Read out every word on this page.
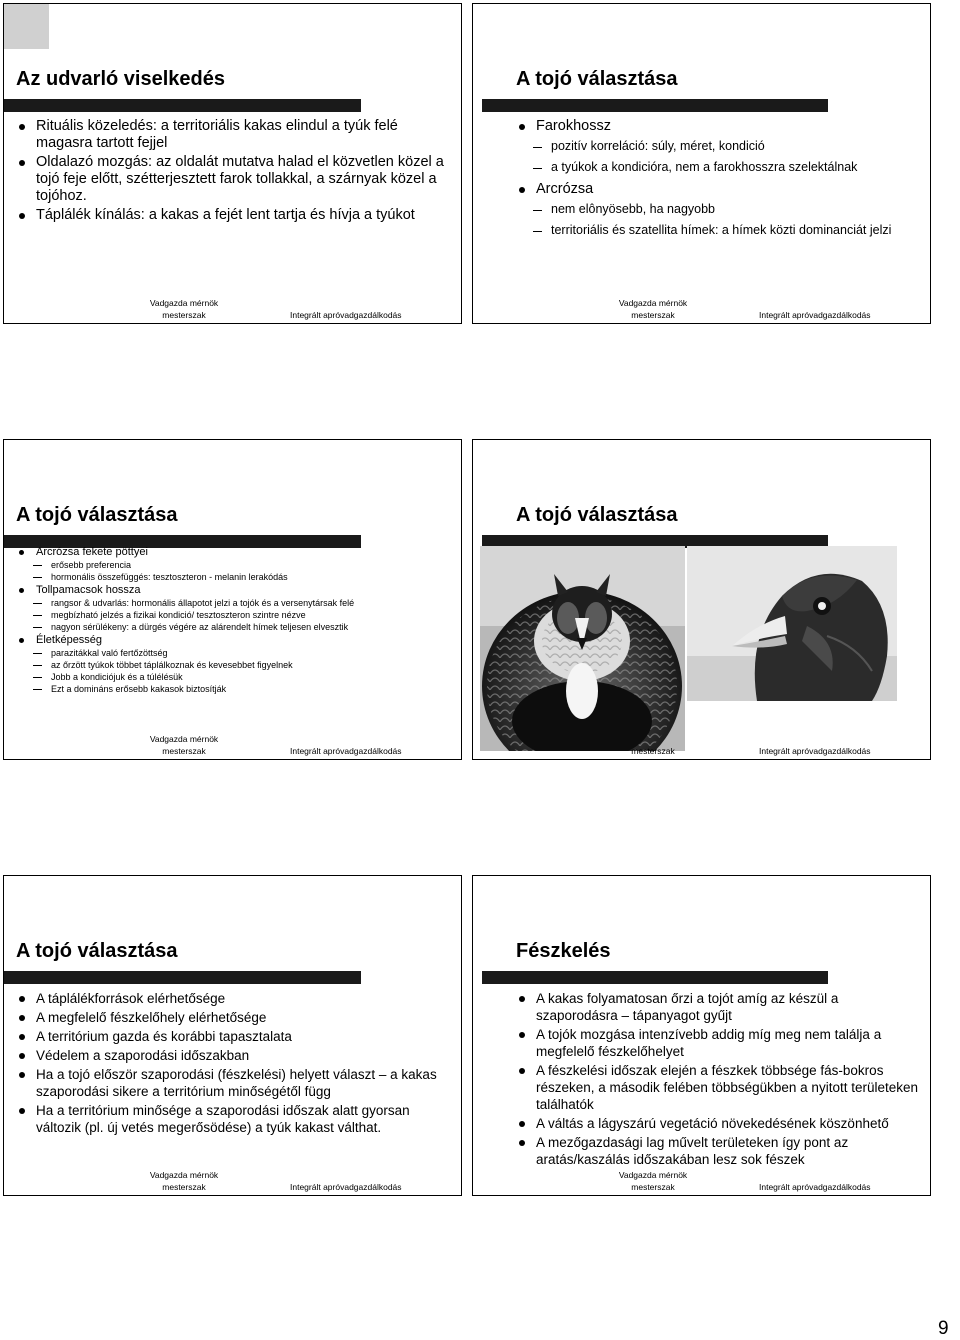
Az udvarló viselkedés
Rituális közeledés: a territoriális kakas elindul a tyúk felé magasra tartott fejjel
Oldalazó mozgás: az oldalát mutatva halad el közvetlen közel a tojó feje előtt, szétterjesztett farok tollakkal, a szárnyak közel a tojóhoz.
Táplálék kínálás: a kakas a fejét lent tartja és hívja a tyúkot
Vadgazda mérnök
mesterszak	Integrált apróvadgazdálkodás
A tojó választása
Farokhossz
pozitív korreláció: súly, méret, kondició
a tyúkok a kondicióra, nem a farokhosszra szelektálnak
Arcrózsa
nem elônyösebb, ha nagyobb
territoriális és szatellita hímek: a hímek közti dominanciát jelzi
Vadgazda mérnök
mesterszak	Integrált apróvadgazdálkodás
A tojó választása
Arcrózsa fekete pöttyei
erősebb preferencia
hormonális összefüggés: tesztoszteron - melanin lerakódás
Tollpamacsok hossza
rangsor & udvarlás: hormonális állapotot jelzi a tojók és a versenytársak felé
megbízható jelzés a fizikai kondició/ tesztoszteron szintre nézve
nagyon sérülékeny: a dürgés végére az alárendelt hímek teljesen elvesztik
Életképesség
parazitákkal való fertőzöttség
az őrzött tyúkok többet táplálkoznak és kevesebbet figyelnek
Jobb a kondiciójuk és a túlélésük
Ezt a domináns erősebb kakasok biztosítják
Vadgazda mérnök
mesterszak	Integrált apróvadgazdálkodás
A tojó választása
mesterszak	Integrált apróvadgazdálkodás
A tojó választása
A táplálékforrások elérhetősége
A megfelelő fészkelőhely elérhetősége
A territórium gazda és korábbi tapasztalata
Védelem a szaporodási időszakban
Ha a tojó először szaporodási (fészkelési) helyett választ – a kakas szaporodási sikere a territórium minőségétől függ
Ha a territórium minősége a szaporodási időszak alatt gyorsan változik (pl. új vetés megerősödése) a tyúk kakast válthat.
Vadgazda mérnök
mesterszak	Integrált apróvadgazdálkodás
Fészkelés
A kakas folyamatosan őrzi a tojót amíg az készül a szaporodásra – tápanyagot gyűjt
A tojók mozgása intenzívebb addig míg meg nem találja a megfelelő fészkelőhelyet
A fészkelési időszak elején a fészkek többsége fás-bokros részeken, a második felében többségükben a nyitott területeken találhatók
A váltás a lágyszárú vegetáció növekedésének köszönhető
A mezőgazdasági lag művelt területeken így pont az aratás/kaszálás időszakában lesz sok fészek
Vadgazda mérnök
mesterszak	Integrált apróvadgazdálkodás
9
